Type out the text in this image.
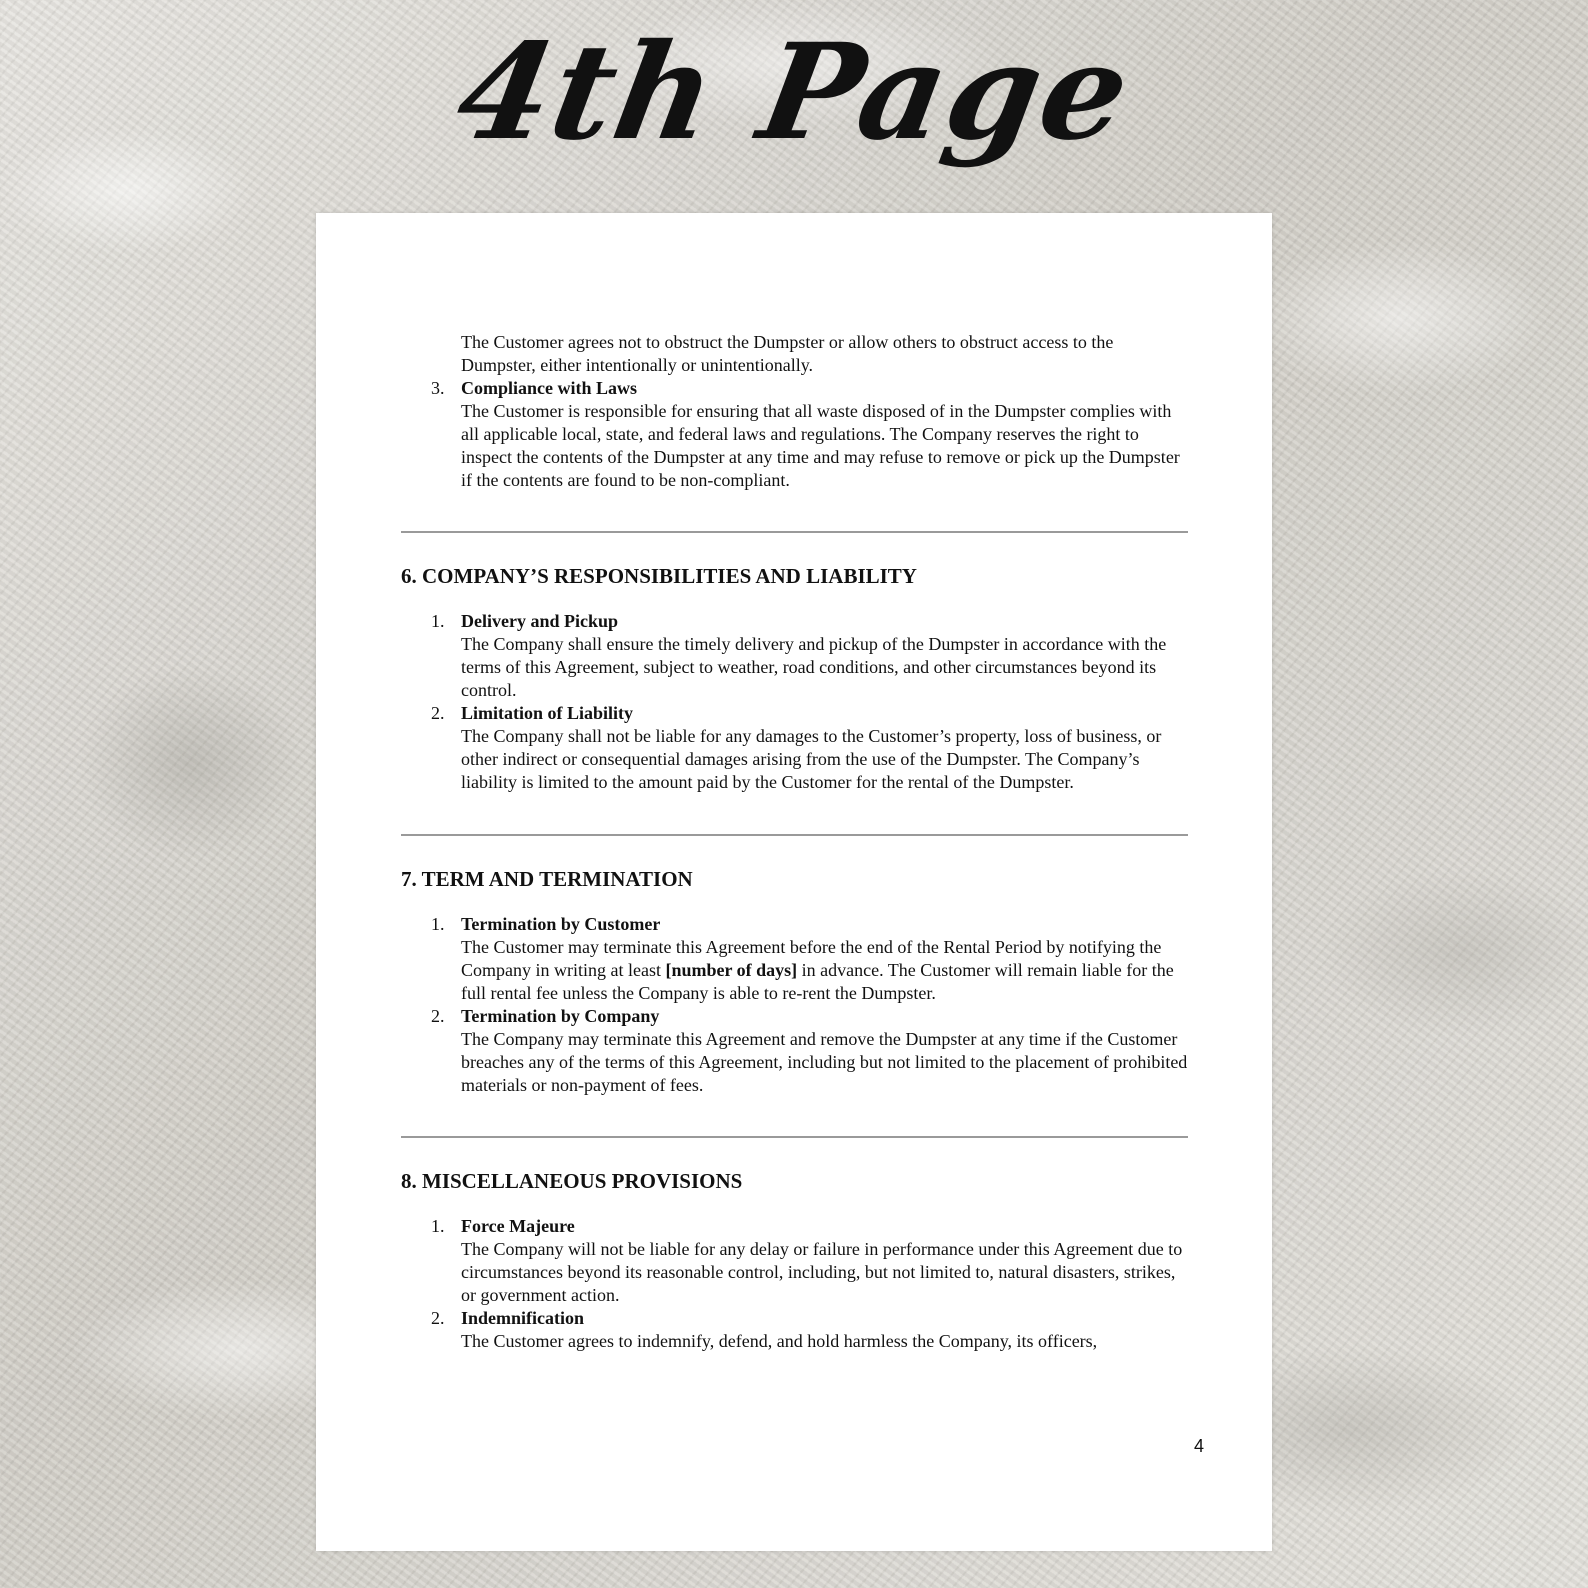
4th Page

The Customer agrees not to obstruct the Dumpster or allow others to obstruct access to the Dumpster, either intentionally or unintentionally.

3. Compliance with Laws

The Customer is responsible for ensuring that all waste disposed of in the Dumpster complies with all applicable local, state, and federal laws and regulations. The Company reserves the right to inspect the contents of the Dumpster at any time and may refuse to remove or pick up the Dumpster if the contents are found to be non-compliant.

6. COMPANY’S RESPONSIBILITIES AND LIABILITY
1. Delivery and Pickup

The Company shall ensure the timely delivery and pickup of the Dumpster in accordance with the terms of this Agreement, subject to weather, road conditions, and other circumstances beyond its control.

2. Limitation of Liability

The Company shall not be liable for any damages to the Customer’s property, loss of business, or other indirect or consequential damages arising from the use of the Dumpster. The Company’s liability is limited to the amount paid by the Customer for the rental of the Dumpster.

7. TERM AND TERMINATION
1. Termination by Customer

The Customer may terminate this Agreement before the end of the Rental Period by notifying the Company in writing at least [number of days] in advance. The Customer will remain liable for the full rental fee unless the Company is able to re-rent the Dumpster.

2. Termination by Company

The Company may terminate this Agreement and remove the Dumpster at any time if the Customer breaches any of the terms of this Agreement, including but not limited to the placement of prohibited materials or non-payment of fees.

8. MISCELLANEOUS PROVISIONS
1. Force Majeure

The Company will not be liable for any delay or failure in performance under this Agreement due to circumstances beyond its reasonable control, including, but not limited to, natural disasters, strikes, or government action.

2. Indemnification

The Customer agrees to indemnify, defend, and hold harmless the Company, its officers,

4
